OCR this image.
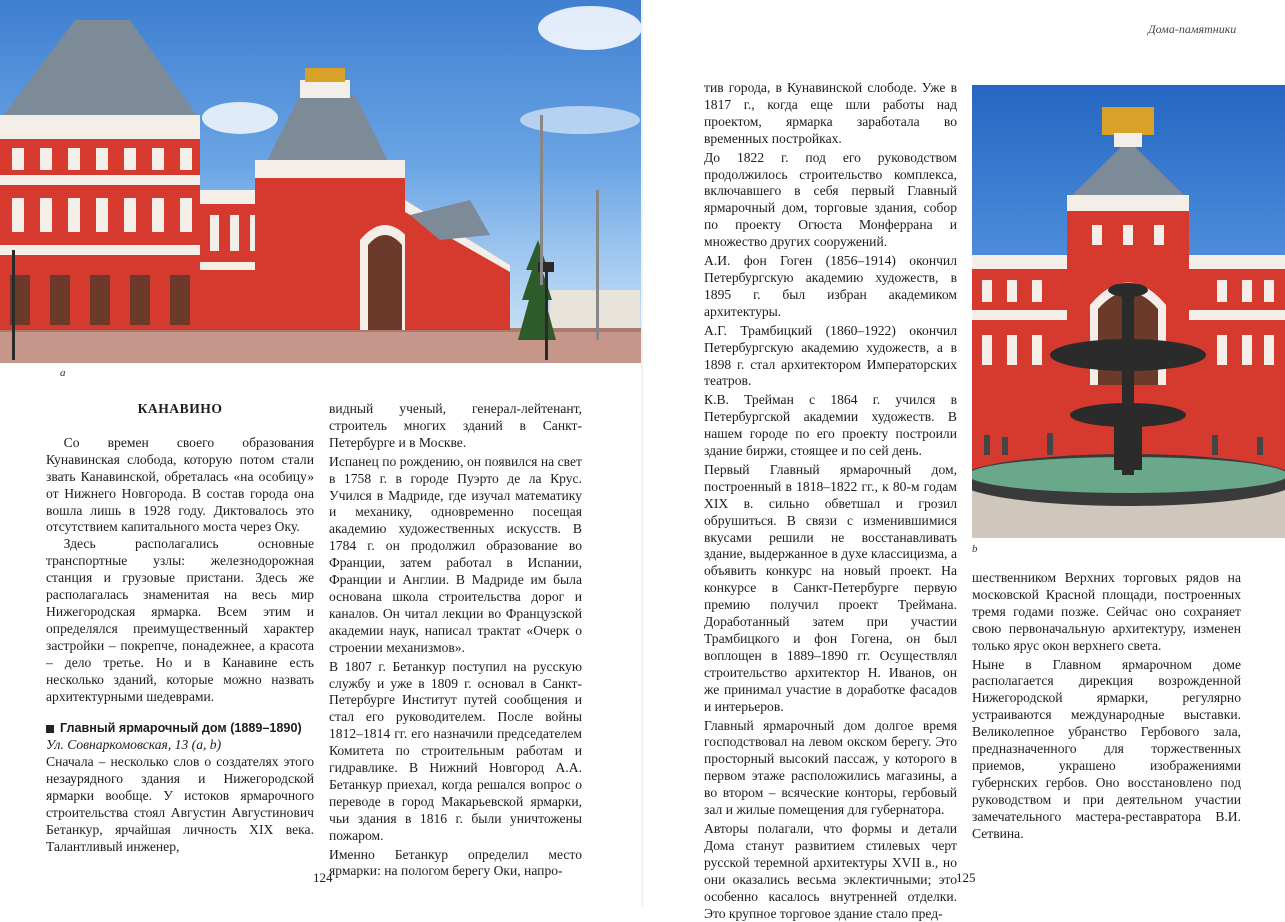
a
КАНАВИНО

Со времен своего образования Кунавинская слобода, которую потом стали звать Канавинской, обреталась «на особицу» от Нижнего Новгорода. В состав города она вошла лишь в 1928 году. Диктовалось это отсутствием капитального моста через Оку.

Здесь располагались основные транспортные узлы: железнодорожная станция и грузовые пристани. Здесь же располагалась знаменитая на весь мир Нижегородская ярмарка. Всем этим и определялся преимущественный характер застройки – покрепче, понадежнее, а красота – дело третье. Но и в Канавине есть несколько зданий, которые можно назвать архитектурными шедеврами.

Главный ярмарочный дом (1889–1890)

Ул. Совнаркомовская, 13 (a, b)

Сначала – несколько слов о создателях этого незаурядного здания и Нижегородской ярмарки вообще. У истоков ярмарочного строительства стоял Августин Августинович Бетанкур, ярчайшая личность XIX века. Талантливый инженер,

видный ученый, генерал-лейтенант, строитель многих зданий в Санкт-Петербурге и в Москве.

Испанец по рождению, он появился на свет в 1758 г. в городе Пуэрто де ла Крус. Учился в Мадриде, где изучал математику и механику, одновременно посещая академию художественных искусств. В 1784 г. он продолжил образование во Франции, затем работал в Испании, Франции и Англии. В Мадриде им была основана школа строительства дорог и каналов. Он читал лекции во Французской академии наук, написал трактат «Очерк о строении механизмов».

В 1807 г. Бетанкур поступил на русскую службу и уже в 1809 г. основал в Санкт-Петербурге Институт путей сообщения и стал его руководителем. После войны 1812–1814 гг. его назначили председателем Комитета по строительным работам и гидравлике. В Нижний Новгород А.А. Бетанкур приехал, когда решался вопрос о переводе в город Макарьевской ярмарки, чьи здания в 1816 г. были уничтожены пожаром.

Именно Бетанкур определил место ярмарки: на пологом берегу Оки, напро-

124
Дома-памятники

тив города, в Кунавинской слободе. Уже в 1817 г., когда еще шли работы над проектом, ярмарка заработала во временных постройках.

До 1822 г. под его руководством продолжилось строительство комплекса, включавшего в себя первый Главный ярмарочный дом, торговые здания, собор по проекту Огюста Монферрана и множество других сооружений.

А.И. фон Гоген (1856–1914) окончил Петербургскую академию художеств, в 1895 г. был избран академиком архитектуры.

А.Г. Трамбицкий (1860–1922) окончил Петербургскую академию художеств, а в 1898 г. стал архитектором Императорских театров.

К.В. Трейман с 1864 г. учился в Петербургской академии художеств. В нашем городе по его проекту построили здание биржи, стоящее и по сей день.

Первый Главный ярмарочный дом, построенный в 1818–1822 гг., к 80-м годам XIX в. сильно обветшал и грозил обрушиться. В связи с изменившимися вкусами решили не восстанавливать здание, выдержанное в духе классицизма, а объявить конкурс на новый проект. На конкурсе в Санкт-Петербурге первую премию получил проект Треймана. Доработанный затем при участии Трамбицкого и фон Гогена, он был воплощен в 1889–1890 гг. Осуществлял строительство архитектор Н. Иванов, он же принимал участие в доработке фасадов и интерьеров.

Главный ярмарочный дом долгое время господствовал на левом окском берегу. Это просторный высокий пассаж, у которого в первом этаже расположились магазины, а во втором – всяческие конторы, гербовый зал и жилые помещения для губернатора.

Авторы полагали, что формы и детали Дома станут развитием стилевых черт русской теремной архитектуры XVII в., но они оказались весьма эклектичными; это особенно касалось внутренней отделки. Это крупное торговое здание стало пред-

b

шественником Верхних торговых рядов на московской Красной площади, построенных тремя годами позже. Сейчас оно сохраняет свою первоначальную архитектуру, изменен только ярус окон верхнего света.

Ныне в Главном ярмарочном доме располагается дирекция возрожденной Нижегородской ярмарки, регулярно устраиваются международные выставки. Великолепное убранство Гербового зала, предназначенного для торжественных приемов, украшено изображениями губернских гербов. Оно восстановлено под руководством и при деятельном участии замечательного мастера-реставратора В.И. Сетвина.

125
